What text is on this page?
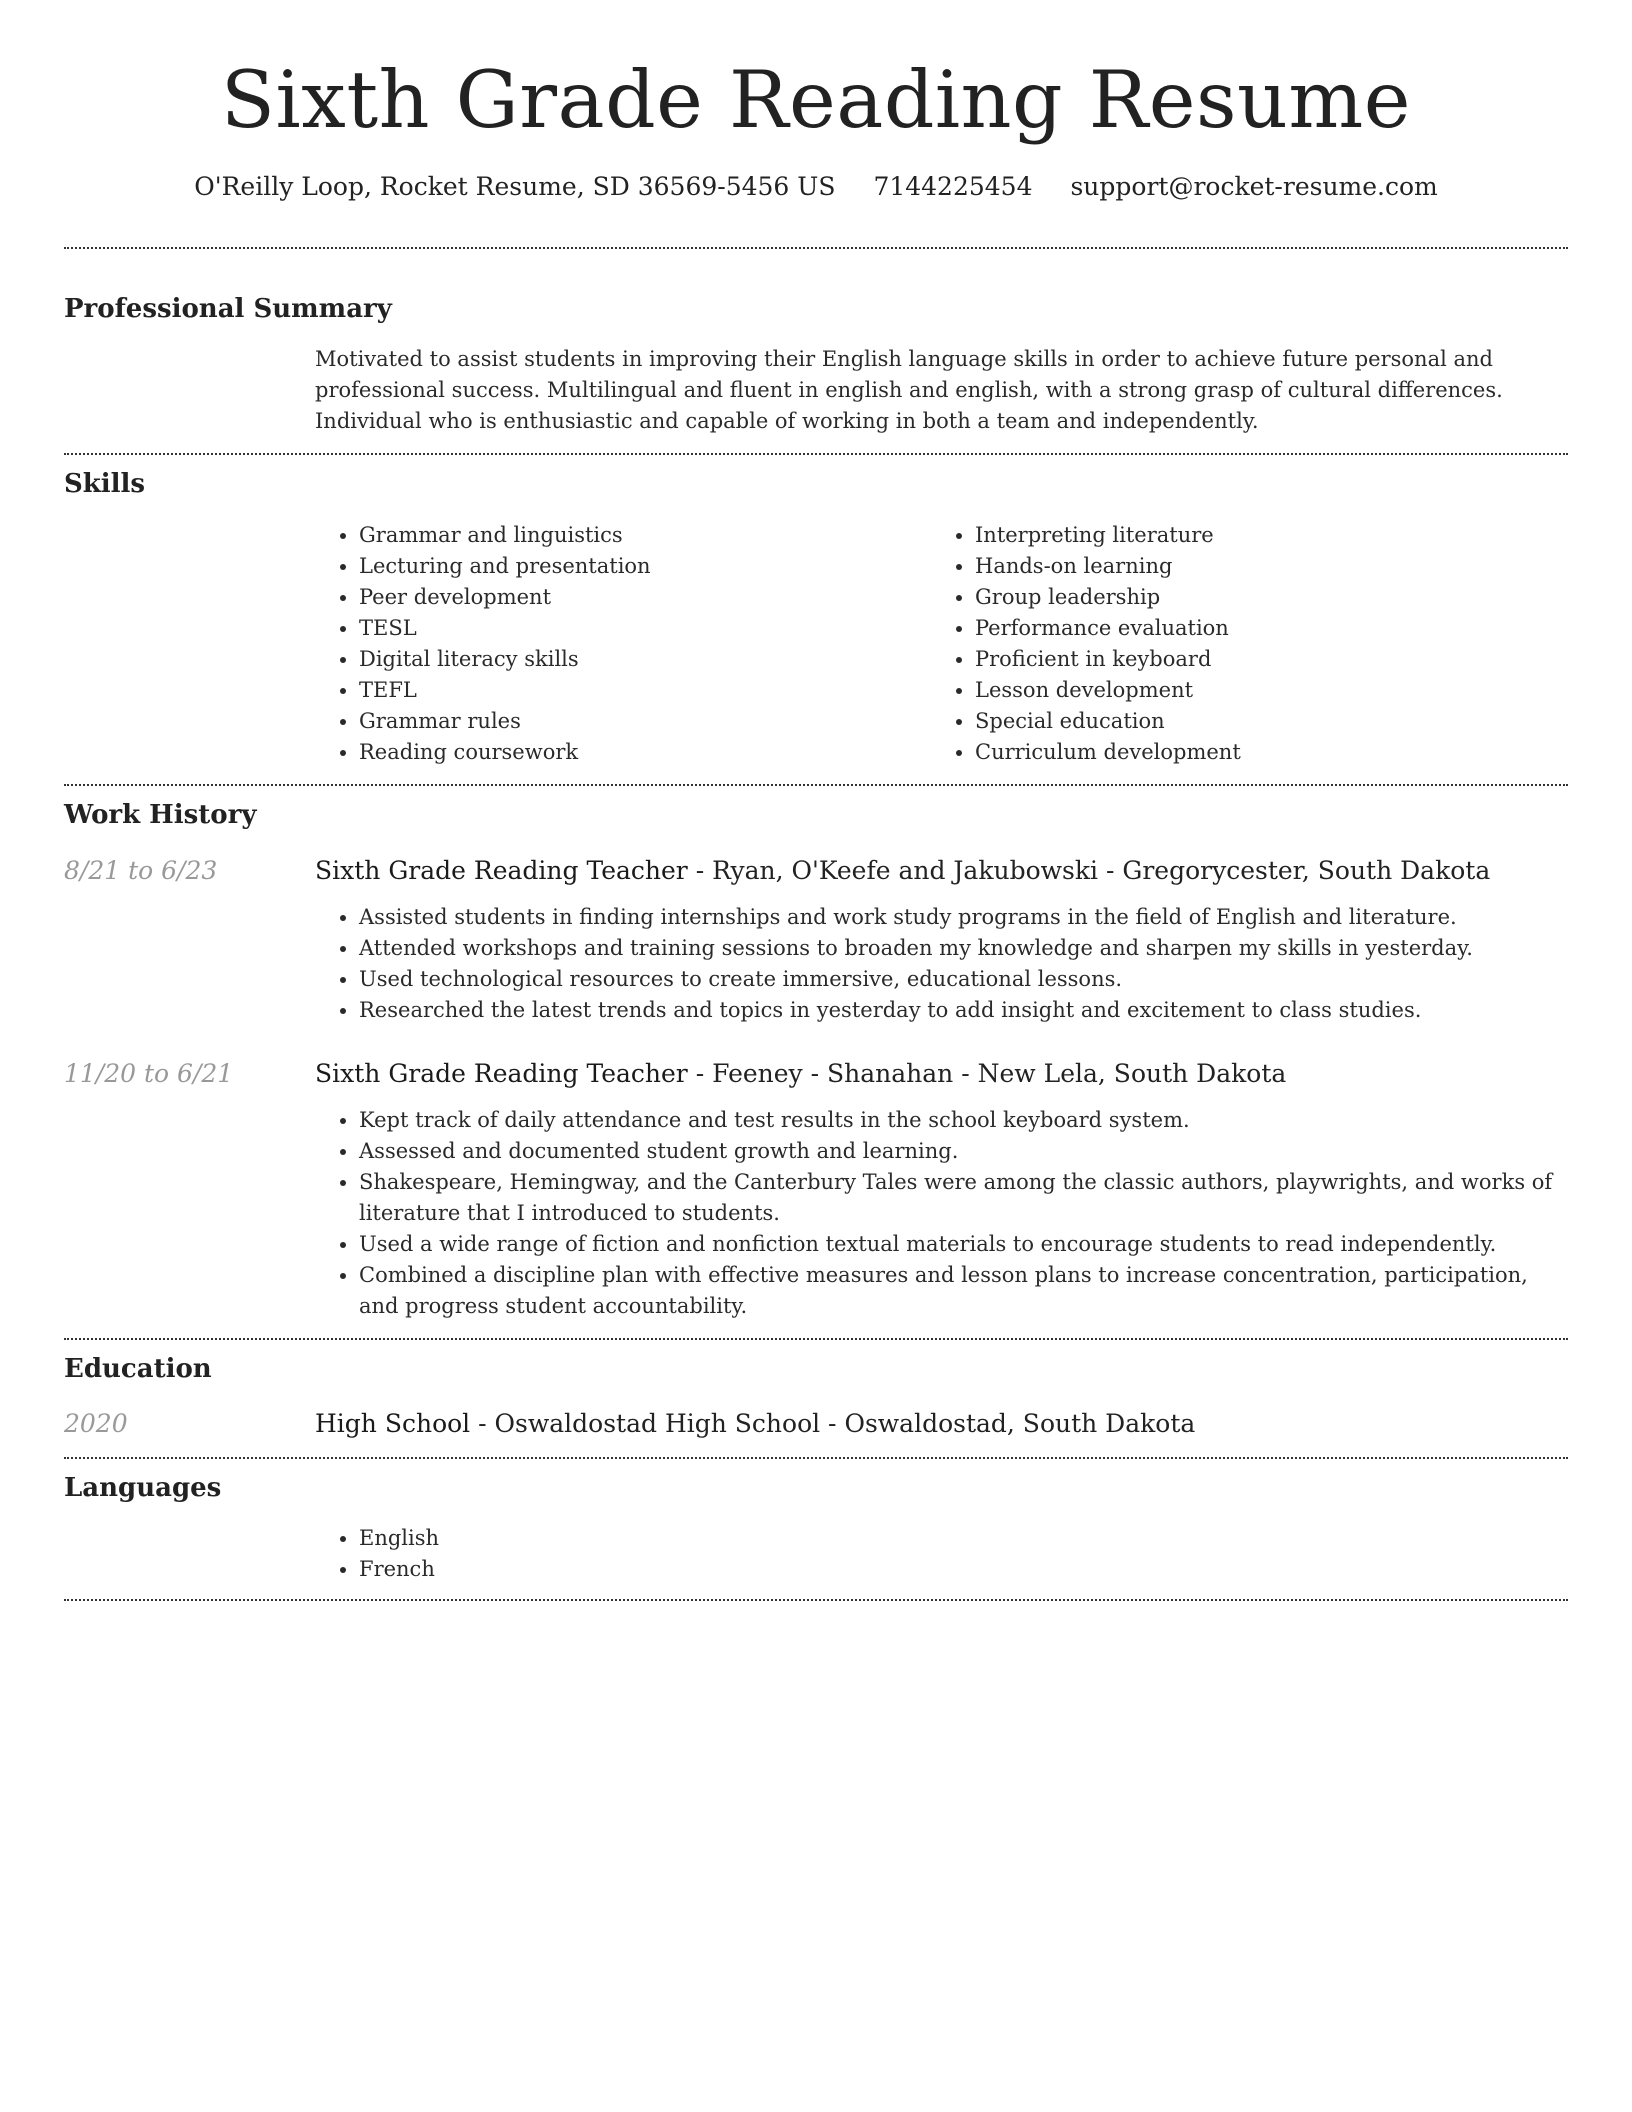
Sixth Grade Reading Resume
O'Reilly Loop, Rocket Resume, SD 36569-5456 US 7144225454 support@rocket-resume.com
Professional Summary

Motivated to assist students in improving their English language skills in order to achieve future personal and professional success. Multilingual and fluent in english and english, with a strong grasp of cultural differences. Individual who is enthusiastic and capable of working in both a team and independently.

Skills
• Grammar and linguistics
• Lecturing and presentation
• Peer development
• TESL
• Digital literacy skills
• TEFL
• Grammar rules
• Reading coursework
• Interpreting literature
• Hands-on learning
• Group leadership
• Performance evaluation
• Proficient in keyboard
• Lesson development
• Special education
• Curriculum development
Work History
8/21 to 6/23	Sixth Grade Reading Teacher - Ryan, O'Keefe and Jakubowski - Gregorycester, South Dakota
• Assisted students in finding internships and work study programs in the field of English and literature.
• Attended workshops and training sessions to broaden my knowledge and sharpen my skills in yesterday.
• Used technological resources to create immersive, educational lessons.
• Researched the latest trends and topics in yesterday to add insight and excitement to class studies.
11/20 to 6/21	Sixth Grade Reading Teacher - Feeney - Shanahan - New Lela, South Dakota
• Kept track of daily attendance and test results in the school keyboard system.
• Assessed and documented student growth and learning.
• Shakespeare, Hemingway, and the Canterbury Tales were among the classic authors, playwrights, and works of literature that I introduced to students.
• Used a wide range of fiction and nonfiction textual materials to encourage students to read independently.
• Combined a discipline plan with effective measures and lesson plans to increase concentration, participation, and progress student accountability.
Education
2020	High School - Oswaldostad High School - Oswaldostad, South Dakota
Languages
• English
• French
